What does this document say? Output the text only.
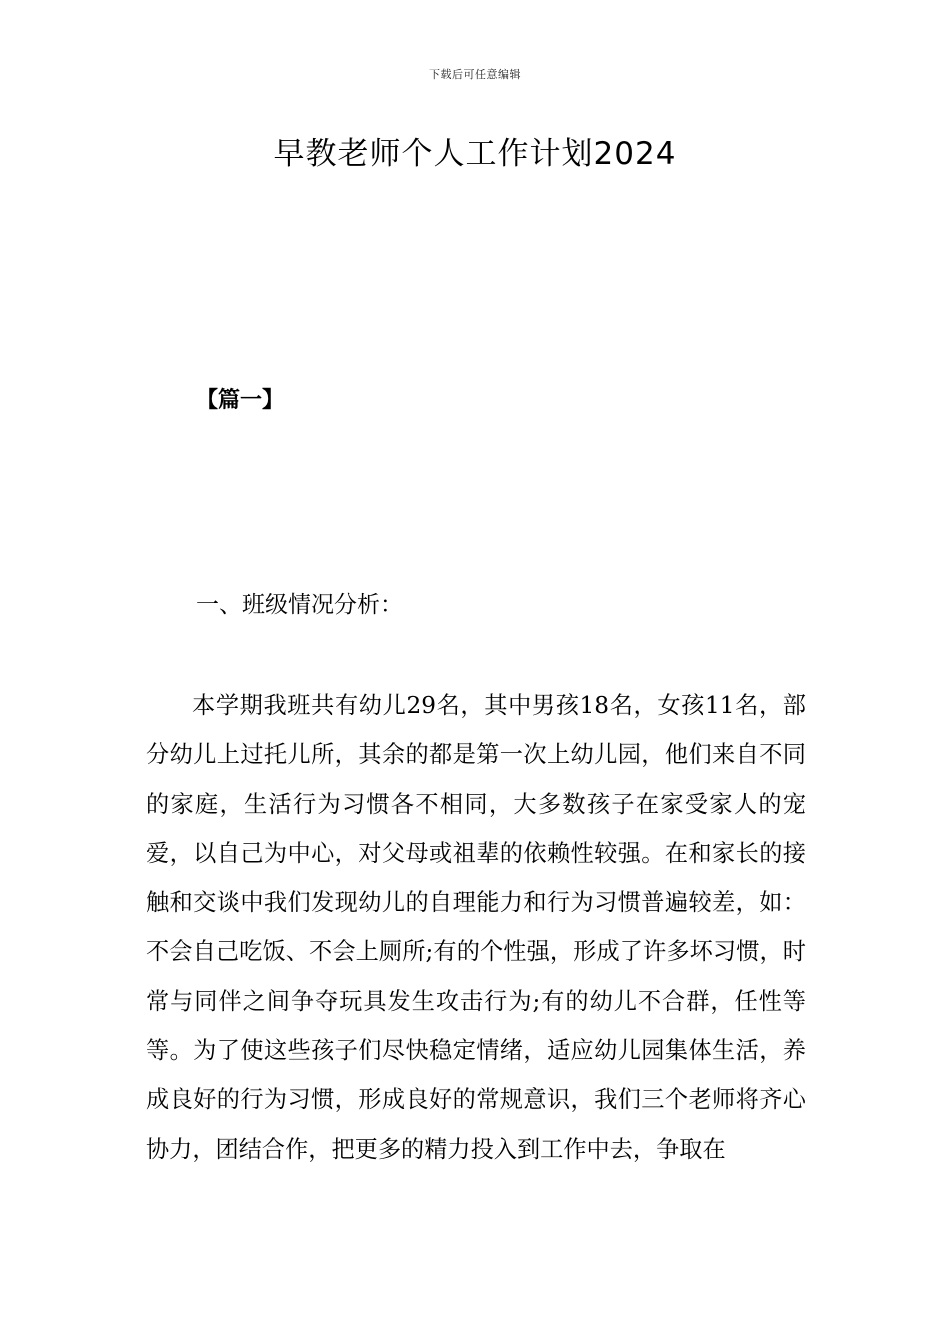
下载后可任意编辑
早教老师个人工作计划2024
【篇一】
一、班级情况分析：

本学期我班共有幼儿29名，其中男孩18名，女孩11名，部分幼儿上过托儿所，其余的都是第一次上幼儿园，他们来自不同的家庭，生活行为习惯各不相同，大多数孩子在家受家人的宠爱，以自己为中心，对父母或祖辈的依赖性较强。在和家长的接触和交谈中我们发现幼儿的自理能力和行为习惯普遍较差，如：不会自己吃饭、不会上厕所;有的个性强，形成了许多坏习惯，时常与同伴之间争夺玩具发生攻击行为;有的幼儿不合群，任性等等。为了使这些孩子们尽快稳定情绪，适应幼儿园集体生活，养成良好的行为习惯，形成良好的常规意识，我们三个老师将齐心协力，团结合作，把更多的精力投入到工作中去，争取在
